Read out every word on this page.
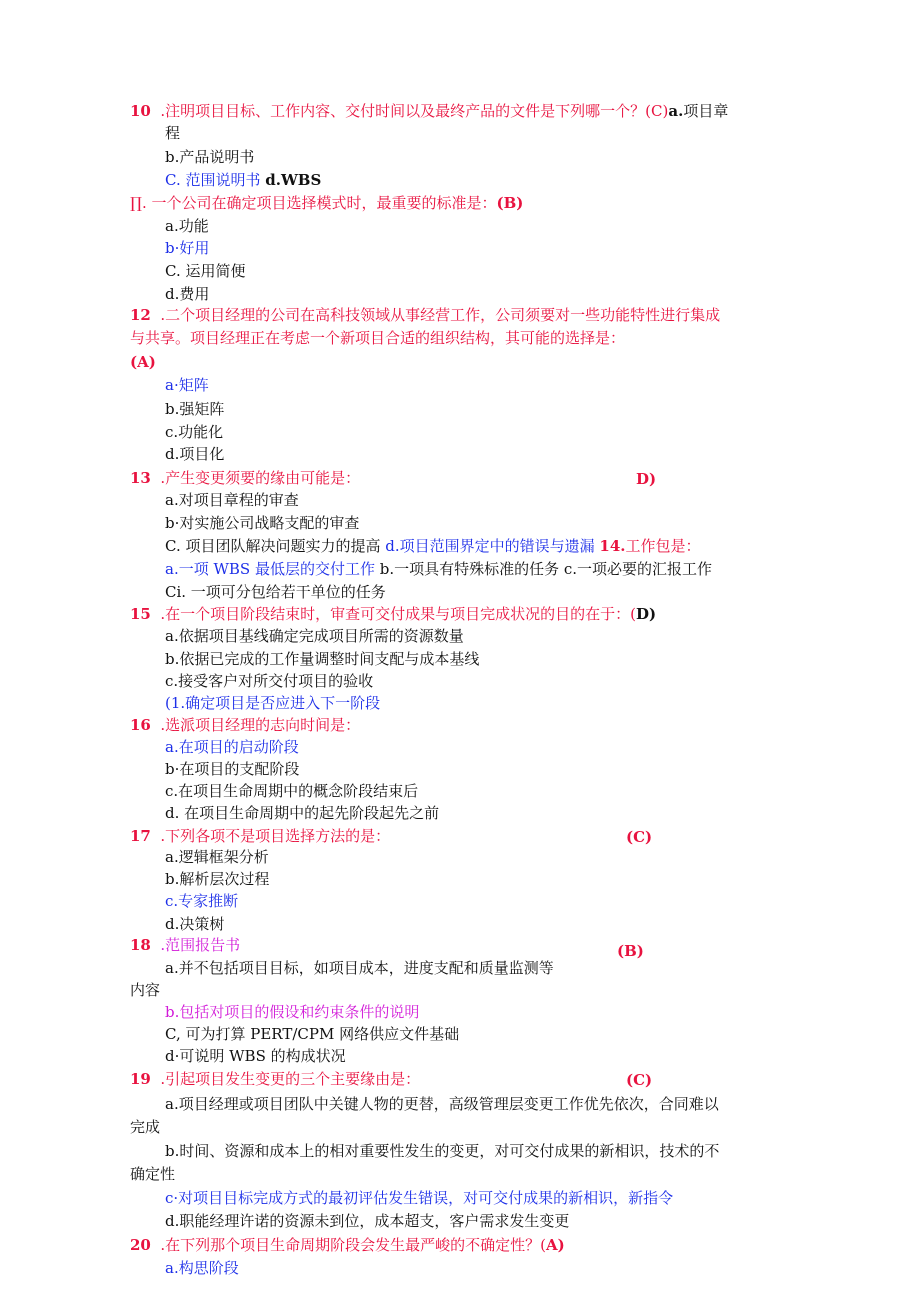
10  .注明项目目标、工作内容、交付时间以及最终产品的文件是下列哪一个？(C)a.项目章
程
b.产品说明书
C. 范围说明书 d.WBS
∏. 一个公司在确定项目选择模式时，最重要的标准是：(B)
a.功能
b·好用
C. 运用简便
d.费用
12  .二个项目经理的公司在高科技领域从事经营工作，公司须要对一些功能特性进行集成
与共享。项目经理正在考虑一个新项目合适的组织结构，其可能的选择是：
(A)
a·矩阵
b.强矩阵
c.功能化
d.项目化
13  .产生变更须要的缘由可能是：	D)
a.对项目章程的审查
b·对实施公司战略支配的审查
C. 项目团队解决问题实力的提高 d.项目范围界定中的错误与遗漏 14.工作包是：
a.一项 WBS 最低层的交付工作 b.一项具有特殊标准的任务 c.一项必要的汇报工作
Ci. 一项可分包给若干单位的任务
15  .在一个项目阶段结束时，审查可交付成果与项目完成状况的目的在于：(D)
a.依据项目基线确定完成项目所需的资源数量
b.依据已完成的工作量调整时间支配与成本基线
c.接受客户对所交付项目的验收
(1.确定项目是否应进入下一阶段
16  .选派项目经理的志向时间是：
a.在项目的启动阶段
b·在项目的支配阶段
c.在项目生命周期中的概念阶段结束后
d. 在项目生命周期中的起先阶段起先之前
17  .下列各项不是项目选择方法的是：	(C)
a.逻辑框架分析
b.解析层次过程
c.专家推断
d.决策树
18  .范围报告书	(B)
a.并不包括项目目标，如项目成本，进度支配和质量监测等
内容
b.包括对项目的假设和约束条件的说明
C, 可为打算 PERT/CPM 网络供应文件基础
d·可说明 WBS 的构成状况
19  .引起项目发生变更的三个主要缘由是：	(C)
a.项目经理或项目团队中关键人物的更替，高级管理层变更工作优先依次，合同难以
完成
b.时间、资源和成本上的相对重要性发生的变更，对可交付成果的新相识，技术的不
确定性
c·对项目目标完成方式的最初评估发生错误，对可交付成果的新相识，新指令
d.职能经理许诺的资源未到位，成本超支，客户需求发生变更
20  .在下列那个项目生命周期阶段会发生最严峻的不确定性？(A)
a.构思阶段
